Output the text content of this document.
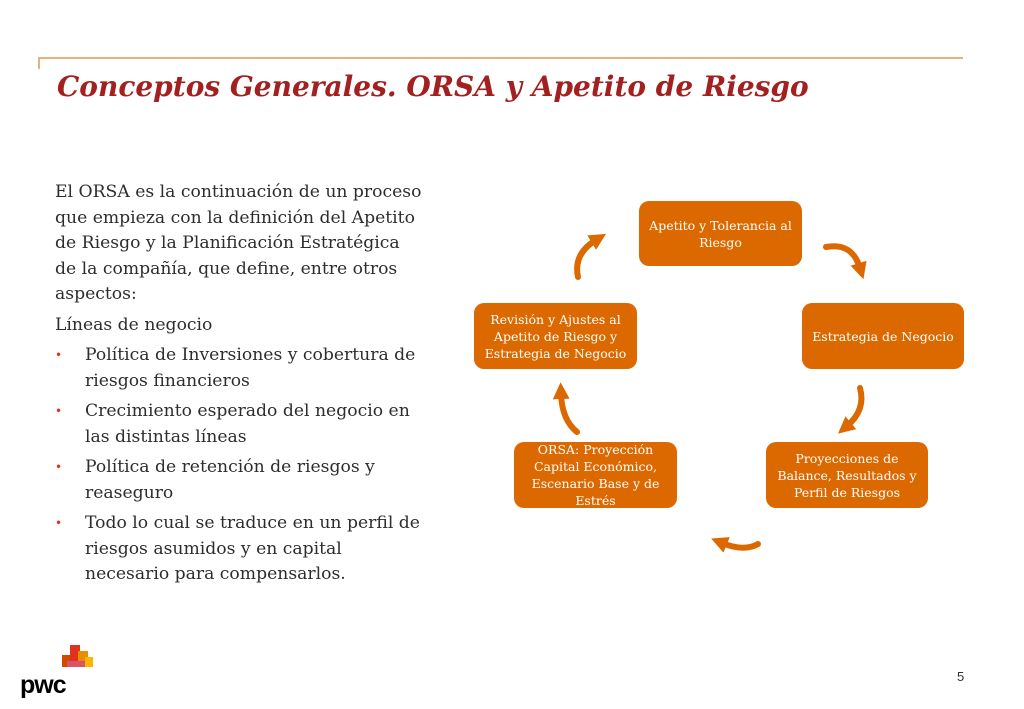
Conceptos Generales. ORSA y Apetito de Riesgo

El ORSA es la continuación de un proceso que empieza con la definición del Apetito de Riesgo y la Planificación Estratégica de la compañía, que define, entre otros aspectos:

Líneas de negocio

• Política de Inversiones y cobertura de riesgos financieros
• Crecimiento esperado del negocio en las distintas líneas
• Política de retención de riesgos y reaseguro
• Todo lo cual se traduce en un perfil de riesgos asumidos y en capital necesario para compensarlos.
Apetito y Tolerancia al Riesgo
Estrategia de Negocio
Proyecciones de Balance, Resultados y Perfil de Riesgos
ORSA: Proyección Capital Económico, Escenario Base y de Estrés
Revisión y Ajustes al Apetito de Riesgo y Estrategia de Negocio
pwc	5
